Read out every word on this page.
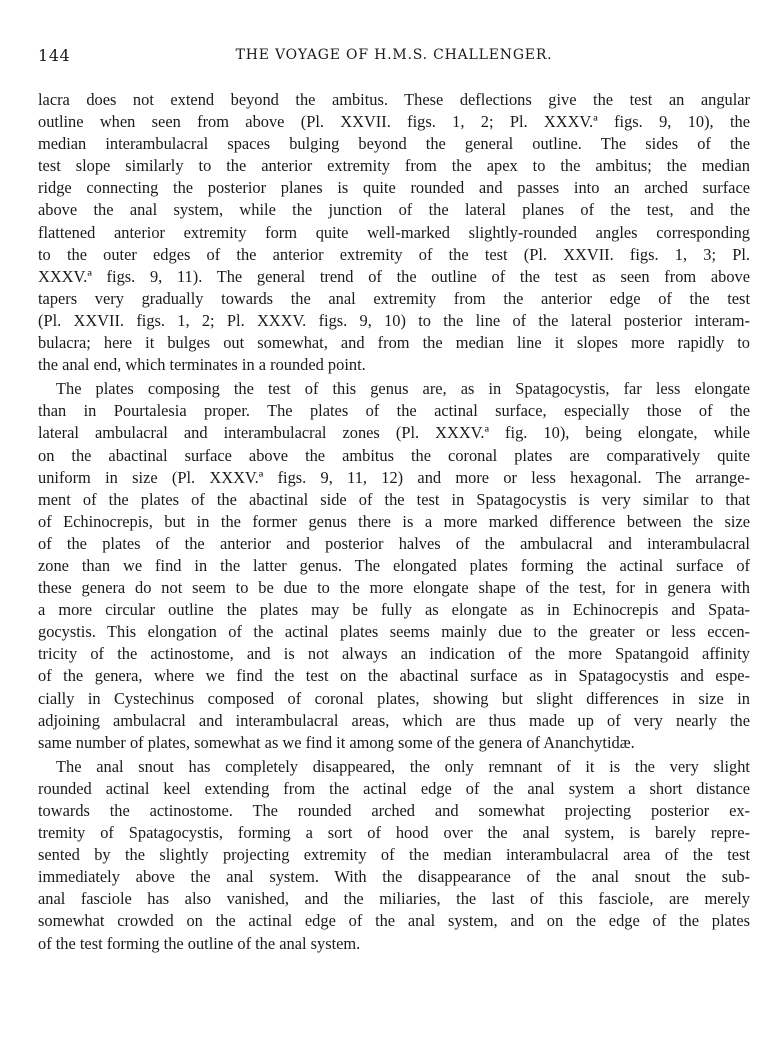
144	THE VOYAGE OF H.M.S. CHALLENGER.
lacra does not extend beyond the ambitus. These deflections give the test an angular
outline when seen from above (Pl. XXVII. figs. 1, 2; Pl. XXXV.ª figs. 9, 10), the
median interambulacral spaces bulging beyond the general outline. The sides of the
test slope similarly to the anterior extremity from the apex to the ambitus; the median
ridge connecting the posterior planes is quite rounded and passes into an arched surface
above the anal system, while the junction of the lateral planes of the test, and the
flattened anterior extremity form quite well-marked slightly-rounded angles corresponding
to the outer edges of the anterior extremity of the test (Pl. XXVII. figs. 1, 3; Pl.
XXXV.ª figs. 9, 11). The general trend of the outline of the test as seen from above
tapers very gradually towards the anal extremity from the anterior edge of the test
(Pl. XXVII. figs. 1, 2; Pl. XXXV. figs. 9, 10) to the line of the lateral posterior interam-
bulacra; here it bulges out somewhat, and from the median line it slopes more rapidly to
the anal end, which terminates in a rounded point.
The plates composing the test of this genus are, as in Spatagocystis, far less elongate
than in Pourtalesia proper. The plates of the actinal surface, especially those of the
lateral ambulacral and interambulacral zones (Pl. XXXV.ª fig. 10), being elongate, while
on the abactinal surface above the ambitus the coronal plates are comparatively quite
uniform in size (Pl. XXXV.ª figs. 9, 11, 12) and more or less hexagonal. The arrange-
ment of the plates of the abactinal side of the test in Spatagocystis is very similar to that
of Echinocrepis, but in the former genus there is a more marked difference between the size
of the plates of the anterior and posterior halves of the ambulacral and interambulacral
zone than we find in the latter genus. The elongated plates forming the actinal surface of
these genera do not seem to be due to the more elongate shape of the test, for in genera with
a more circular outline the plates may be fully as elongate as in Echinocrepis and Spata-
gocystis. This elongation of the actinal plates seems mainly due to the greater or less eccen-
tricity of the actinostome, and is not always an indication of the more Spatangoid affinity
of the genera, where we find the test on the abactinal surface as in Spatagocystis and espe-
cially in Cystechinus composed of coronal plates, showing but slight differences in size in
adjoining ambulacral and interambulacral areas, which are thus made up of very nearly the
same number of plates, somewhat as we find it among some of the genera of Ananchytidæ.
The anal snout has completely disappeared, the only remnant of it is the very slight
rounded actinal keel extending from the actinal edge of the anal system a short distance
towards the actinostome. The rounded arched and somewhat projecting posterior ex-
tremity of Spatagocystis, forming a sort of hood over the anal system, is barely repre-
sented by the slightly projecting extremity of the median interambulacral area of the test
immediately above the anal system. With the disappearance of the anal snout the sub-
anal fasciole has also vanished, and the miliaries, the last of this fasciole, are merely
somewhat crowded on the actinal edge of the anal system, and on the edge of the plates
of the test forming the outline of the anal system.
